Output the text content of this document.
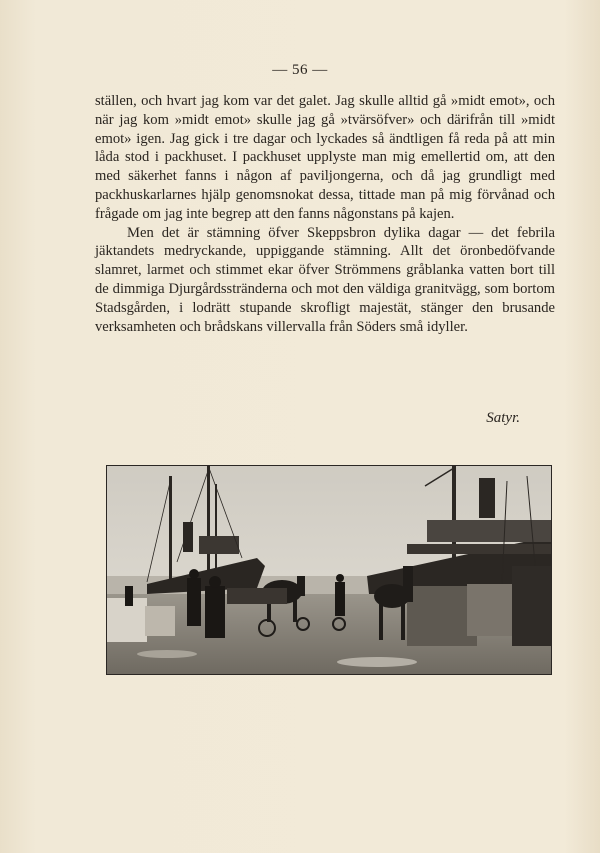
— 56 —

ställen, och hvart jag kom var det galet. Jag skulle alltid gå »midt emot», och när jag kom »midt emot» skulle jag gå »tvärsöfver» och därifrån till »midt emot» igen. Jag gick i tre dagar och lyckades så ändtligen få reda på att min låda stod i packhuset. I packhuset upplyste man mig emellertid om, att den med säkerhet fanns i någon af paviljongerna, och då jag grundligt med packhuskarlarnes hjälp genomsnokat dessa, tittade man på mig förvånad och frågade om jag inte begrep att den fanns någonstans på kajen.

Men det är stämning öfver Skeppsbron dylika dagar — det febrila jäktandets medryckande, uppiggande stämning. Allt det öronbedöfvande slamret, larmet och stimmet ekar öfver Strömmens gråblanka vatten bort till de dimmiga Djurgårdsstränderna och mot den väldiga granitvägg, som bortom Stadsgården, i lodrätt stupande skrofligt majestät, stänger den brusande verksamheten och brådskans villervalla från Söders små idyller.

Satyr.
